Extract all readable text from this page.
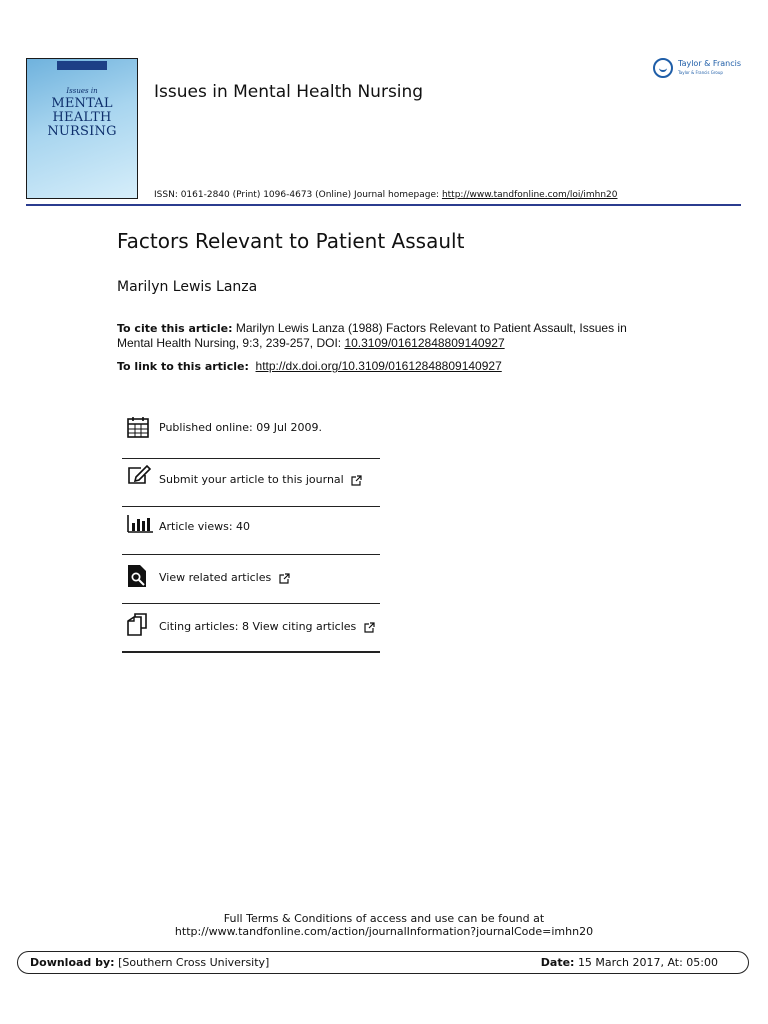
Issues in
MENTAL
HEALTH
NURSING
Issues in Mental Health Nursing
ISSN: 0161-2840 (Print) 1096-4673 (Online) Journal homepage: http://www.tandfonline.com/loi/imhn20
Taylor & Francis
Taylor & Francis Group
Factors Relevant to Patient Assault
Marilyn Lewis Lanza
To cite this article: Marilyn Lewis Lanza (1988) Factors Relevant to Patient Assault, Issues in Mental Health Nursing, 9:3, 239-257, DOI: 10.3109/01612848809140927
To link to this article: http://dx.doi.org/10.3109/01612848809140927
Published online: 09 Jul 2009.
Submit your article to this journal
Article views: 40
View related articles
Citing articles: 8 View citing articles
Full Terms & Conditions of access and use can be found at
http://www.tandfonline.com/action/journalInformation?journalCode=imhn20
Download by: [Southern Cross University]	Date: 15 March 2017, At: 05:00
